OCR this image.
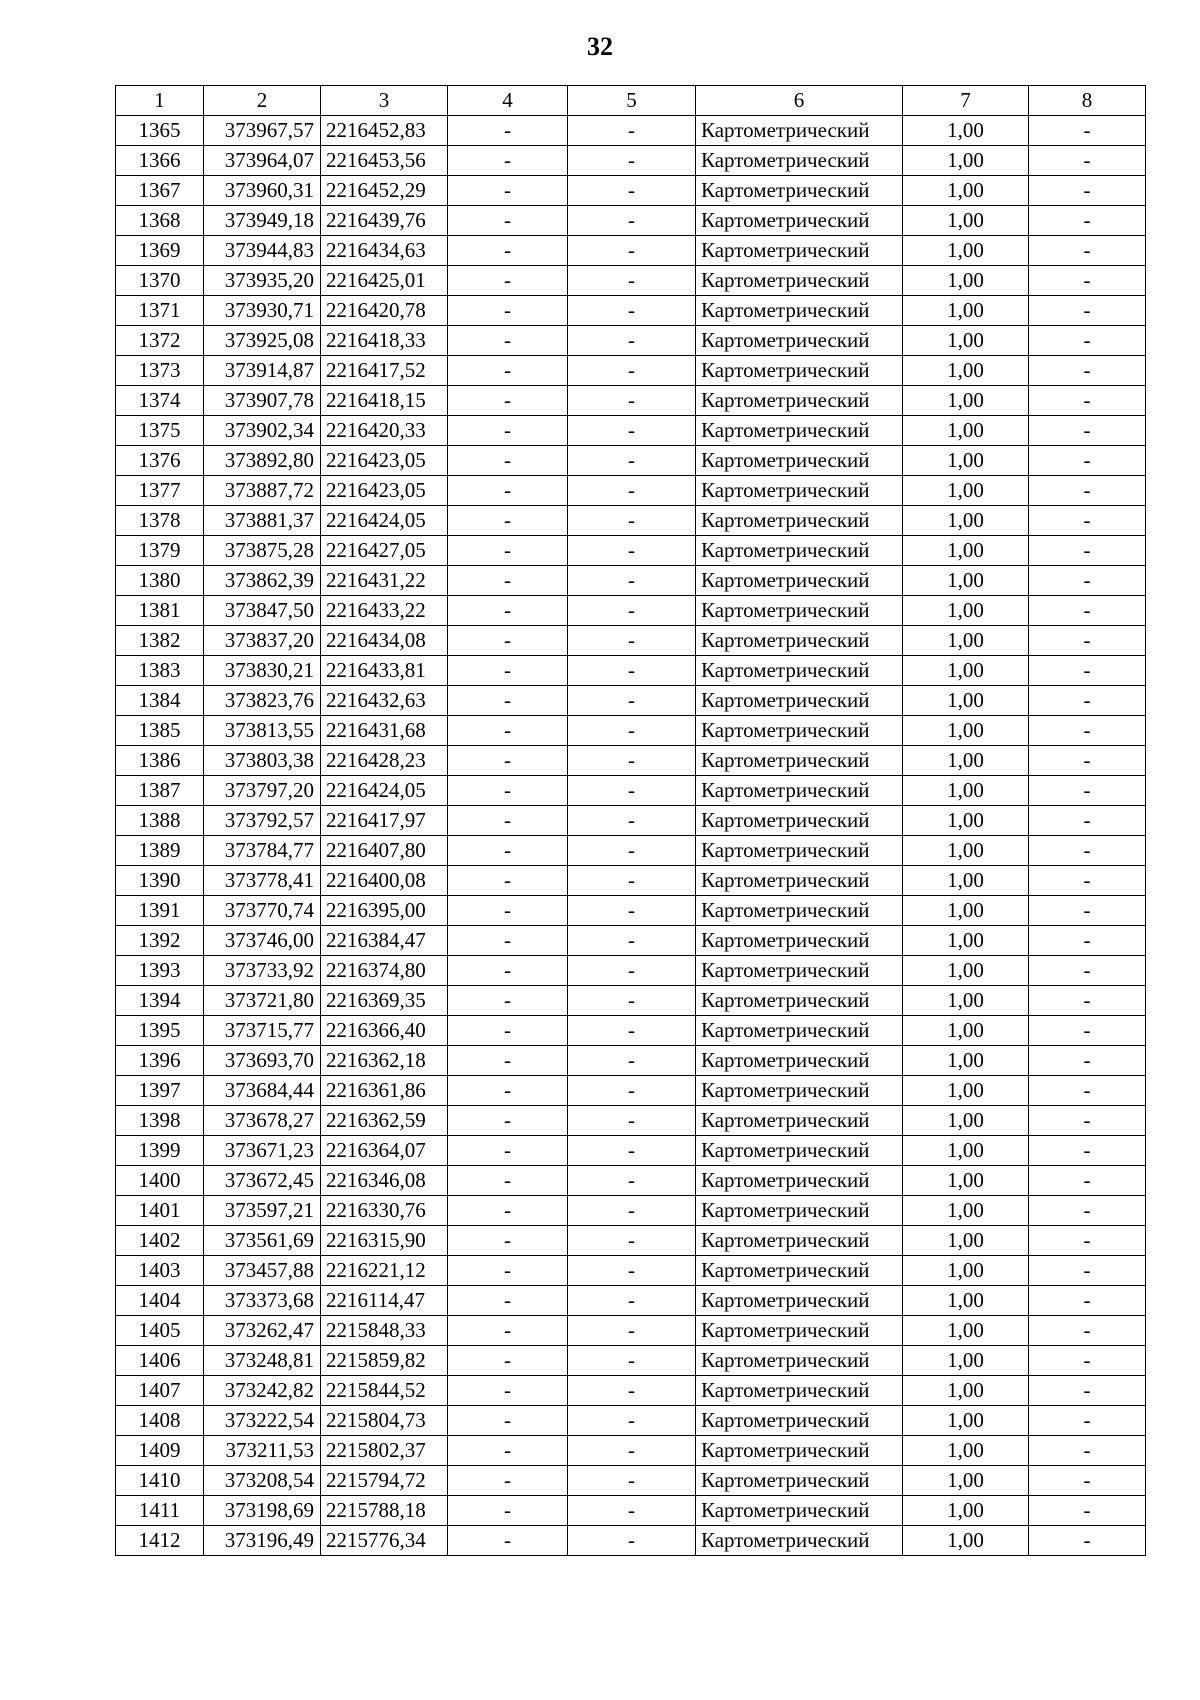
32
1	2	3	4	5	6	7	8
1365	373967,57	2216452,83	-	-	Картометрический	1,00	-
1366	373964,07	2216453,56	-	-	Картометрический	1,00	-
1367	373960,31	2216452,29	-	-	Картометрический	1,00	-
1368	373949,18	2216439,76	-	-	Картометрический	1,00	-
1369	373944,83	2216434,63	-	-	Картометрический	1,00	-
1370	373935,20	2216425,01	-	-	Картометрический	1,00	-
1371	373930,71	2216420,78	-	-	Картометрический	1,00	-
1372	373925,08	2216418,33	-	-	Картометрический	1,00	-
1373	373914,87	2216417,52	-	-	Картометрический	1,00	-
1374	373907,78	2216418,15	-	-	Картометрический	1,00	-
1375	373902,34	2216420,33	-	-	Картометрический	1,00	-
1376	373892,80	2216423,05	-	-	Картометрический	1,00	-
1377	373887,72	2216423,05	-	-	Картометрический	1,00	-
1378	373881,37	2216424,05	-	-	Картометрический	1,00	-
1379	373875,28	2216427,05	-	-	Картометрический	1,00	-
1380	373862,39	2216431,22	-	-	Картометрический	1,00	-
1381	373847,50	2216433,22	-	-	Картометрический	1,00	-
1382	373837,20	2216434,08	-	-	Картометрический	1,00	-
1383	373830,21	2216433,81	-	-	Картометрический	1,00	-
1384	373823,76	2216432,63	-	-	Картометрический	1,00	-
1385	373813,55	2216431,68	-	-	Картометрический	1,00	-
1386	373803,38	2216428,23	-	-	Картометрический	1,00	-
1387	373797,20	2216424,05	-	-	Картометрический	1,00	-
1388	373792,57	2216417,97	-	-	Картометрический	1,00	-
1389	373784,77	2216407,80	-	-	Картометрический	1,00	-
1390	373778,41	2216400,08	-	-	Картометрический	1,00	-
1391	373770,74	2216395,00	-	-	Картометрический	1,00	-
1392	373746,00	2216384,47	-	-	Картометрический	1,00	-
1393	373733,92	2216374,80	-	-	Картометрический	1,00	-
1394	373721,80	2216369,35	-	-	Картометрический	1,00	-
1395	373715,77	2216366,40	-	-	Картометрический	1,00	-
1396	373693,70	2216362,18	-	-	Картометрический	1,00	-
1397	373684,44	2216361,86	-	-	Картометрический	1,00	-
1398	373678,27	2216362,59	-	-	Картометрический	1,00	-
1399	373671,23	2216364,07	-	-	Картометрический	1,00	-
1400	373672,45	2216346,08	-	-	Картометрический	1,00	-
1401	373597,21	2216330,76	-	-	Картометрический	1,00	-
1402	373561,69	2216315,90	-	-	Картометрический	1,00	-
1403	373457,88	2216221,12	-	-	Картометрический	1,00	-
1404	373373,68	2216114,47	-	-	Картометрический	1,00	-
1405	373262,47	2215848,33	-	-	Картометрический	1,00	-
1406	373248,81	2215859,82	-	-	Картометрический	1,00	-
1407	373242,82	2215844,52	-	-	Картометрический	1,00	-
1408	373222,54	2215804,73	-	-	Картометрический	1,00	-
1409	373211,53	2215802,37	-	-	Картометрический	1,00	-
1410	373208,54	2215794,72	-	-	Картометрический	1,00	-
1411	373198,69	2215788,18	-	-	Картометрический	1,00	-
1412	373196,49	2215776,34	-	-	Картометрический	1,00	-
